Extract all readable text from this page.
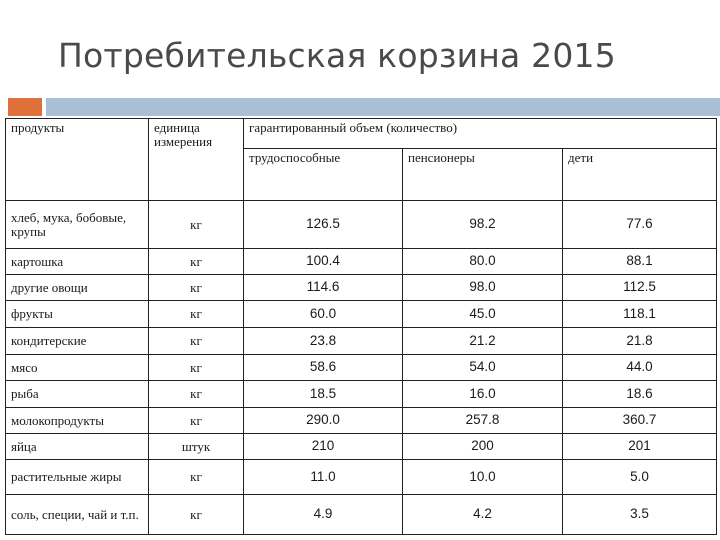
Потребительская корзина 2015
продукты	единица измерения	гарантированный объем (количество)		
		трудоспособные	пенсионеры	дети
хлеб, мука, бобовые, крупы	кг	126.5	98.2	77.6
картошка	кг	100.4	80.0	88.1
другие овощи	кг	114.6	98.0	112.5
фрукты	кг	60.0	45.0	118.1
кондитерские	кг	23.8	21.2	21.8
мясо	кг	58.6	54.0	44.0
рыба	кг	18.5	16.0	18.6
молокопродукты	кг	290.0	257.8	360.7
яйца	штук	210	200	201
растительные жиры	кг	11.0	10.0	5.0
соль, специи, чай и т.п.	кг	4.9	4.2	3.5
